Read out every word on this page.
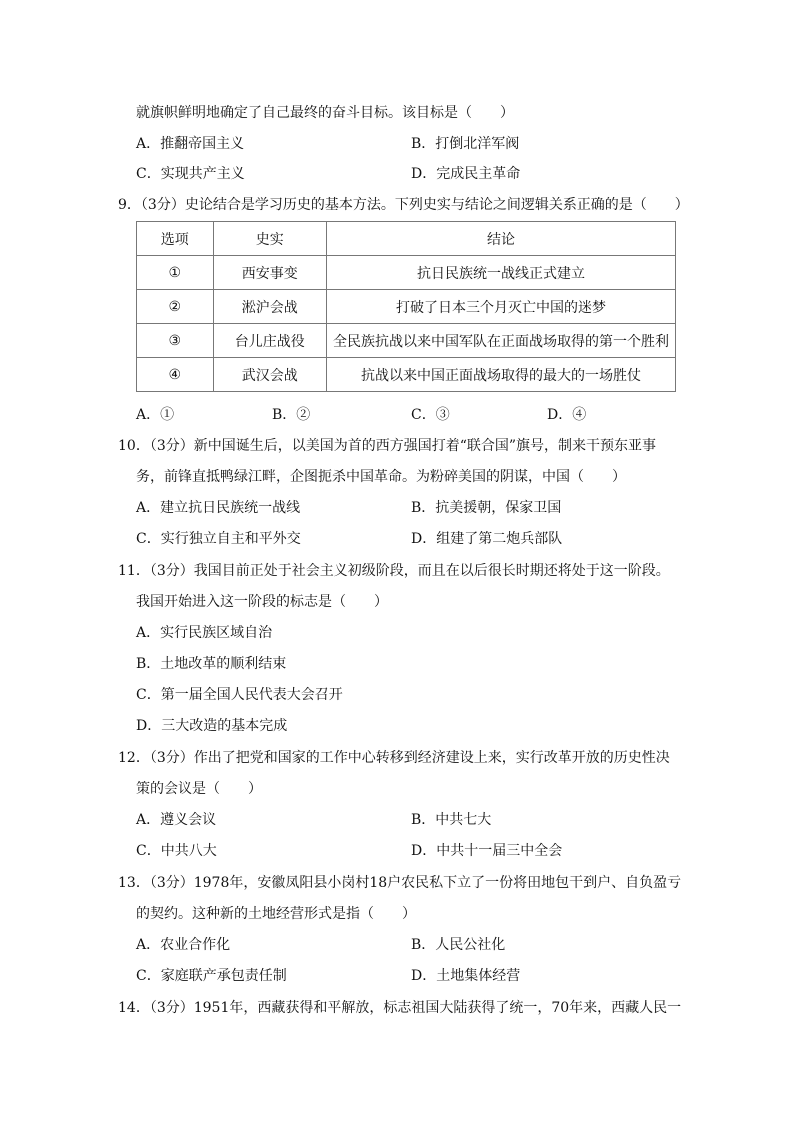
就旗帜鲜明地确定了自己最终的奋斗目标。该目标是（　　）
A．推翻帝国主义	B．打倒北洋军阀
C．实现共产主义	D．完成民主革命
9．（3分）史论结合是学习历史的基本方法。下列史实与结论之间逻辑关系正确的是（　　）
选项	史实	结论
①	西安事变	抗日民族统一战线正式建立
②	淞沪会战	打破了日本三个月灭亡中国的迷梦
③	台儿庄战役	全民族抗战以来中国军队在正面战场取得的第一个胜利
④	武汉会战	抗战以来中国正面战场取得的最大的一场胜仗
A．①	B．②	C．③	D．④
10．（3分）新中国诞生后，以美国为首的西方强国打着“联合国”旗号，制来干预东亚事
务，前锋直抵鸭绿江畔，企图扼杀中国革命。为粉碎美国的阴谋，中国（　　）
A．建立抗日民族统一战线	B．抗美援朝，保家卫国
C．实行独立自主和平外交	D．组建了第二炮兵部队
11．（3分）我国目前正处于社会主义初级阶段，而且在以后很长时期还将处于这一阶段。
我国开始进入这一阶段的标志是（　　）
A．实行民族区域自治
B．土地改革的顺利结束
C．第一届全国人民代表大会召开
D．三大改造的基本完成
12．（3分）作出了把党和国家的工作中心转移到经济建设上来，实行改革开放的历史性决
策的会议是（　　）
A．遵义会议	B．中共七大
C．中共八大	D．中共十一届三中全会
13．（3分）1978年，安徽凤阳县小岗村18户农民私下立了一份将田地包干到户、自负盈亏
的契约。这种新的土地经营形式是指（　　）
A．农业合作化	B．人民公社化
C．家庭联产承包责任制	D．土地集体经营
14．（3分）1951年，西藏获得和平解放，标志祖国大陆获得了统一，70年来，西藏人民一
